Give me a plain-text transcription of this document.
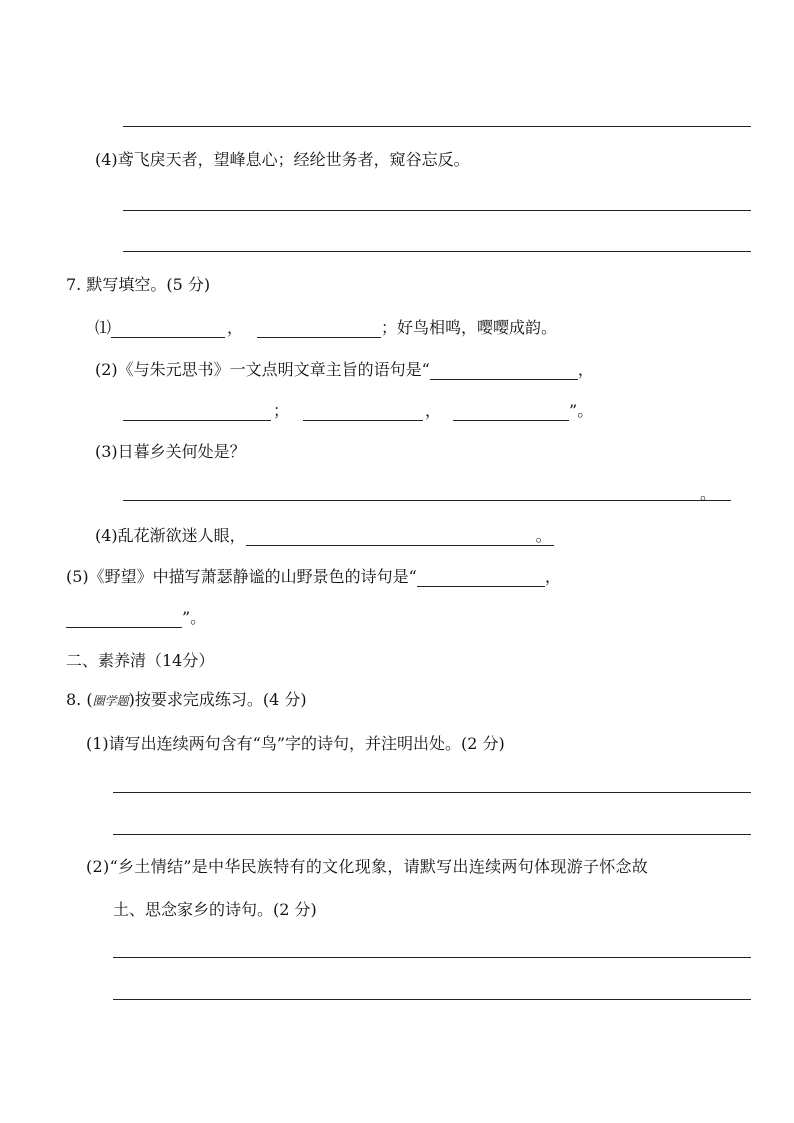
(4)鸢飞戾天者，望峰息心；经纶世务者，窥谷忘反。
7. 默写填空。(5 分)
⑴	，	；好鸟相鸣，嘤嘤成韵。
(2)《与朱元思书》一文点明文章主旨的语句是“	，
；	，	”。
(3)日暮乡关何处是？
。
(4)乱花渐欲迷人眼，	。
(5)《野望》中描写萧瑟静谧的山野景色的诗句是“	，
”。
二、素养清（14分）
8. (圈学题)按要求完成练习。(4 分)
(1)请写出连续两句含有“鸟”字的诗句，并注明出处。(2 分)
(2)“乡土情结”是中华民族特有的文化现象，请默写出连续两句体现游子怀念故
土、思念家乡的诗句。(2 分)
